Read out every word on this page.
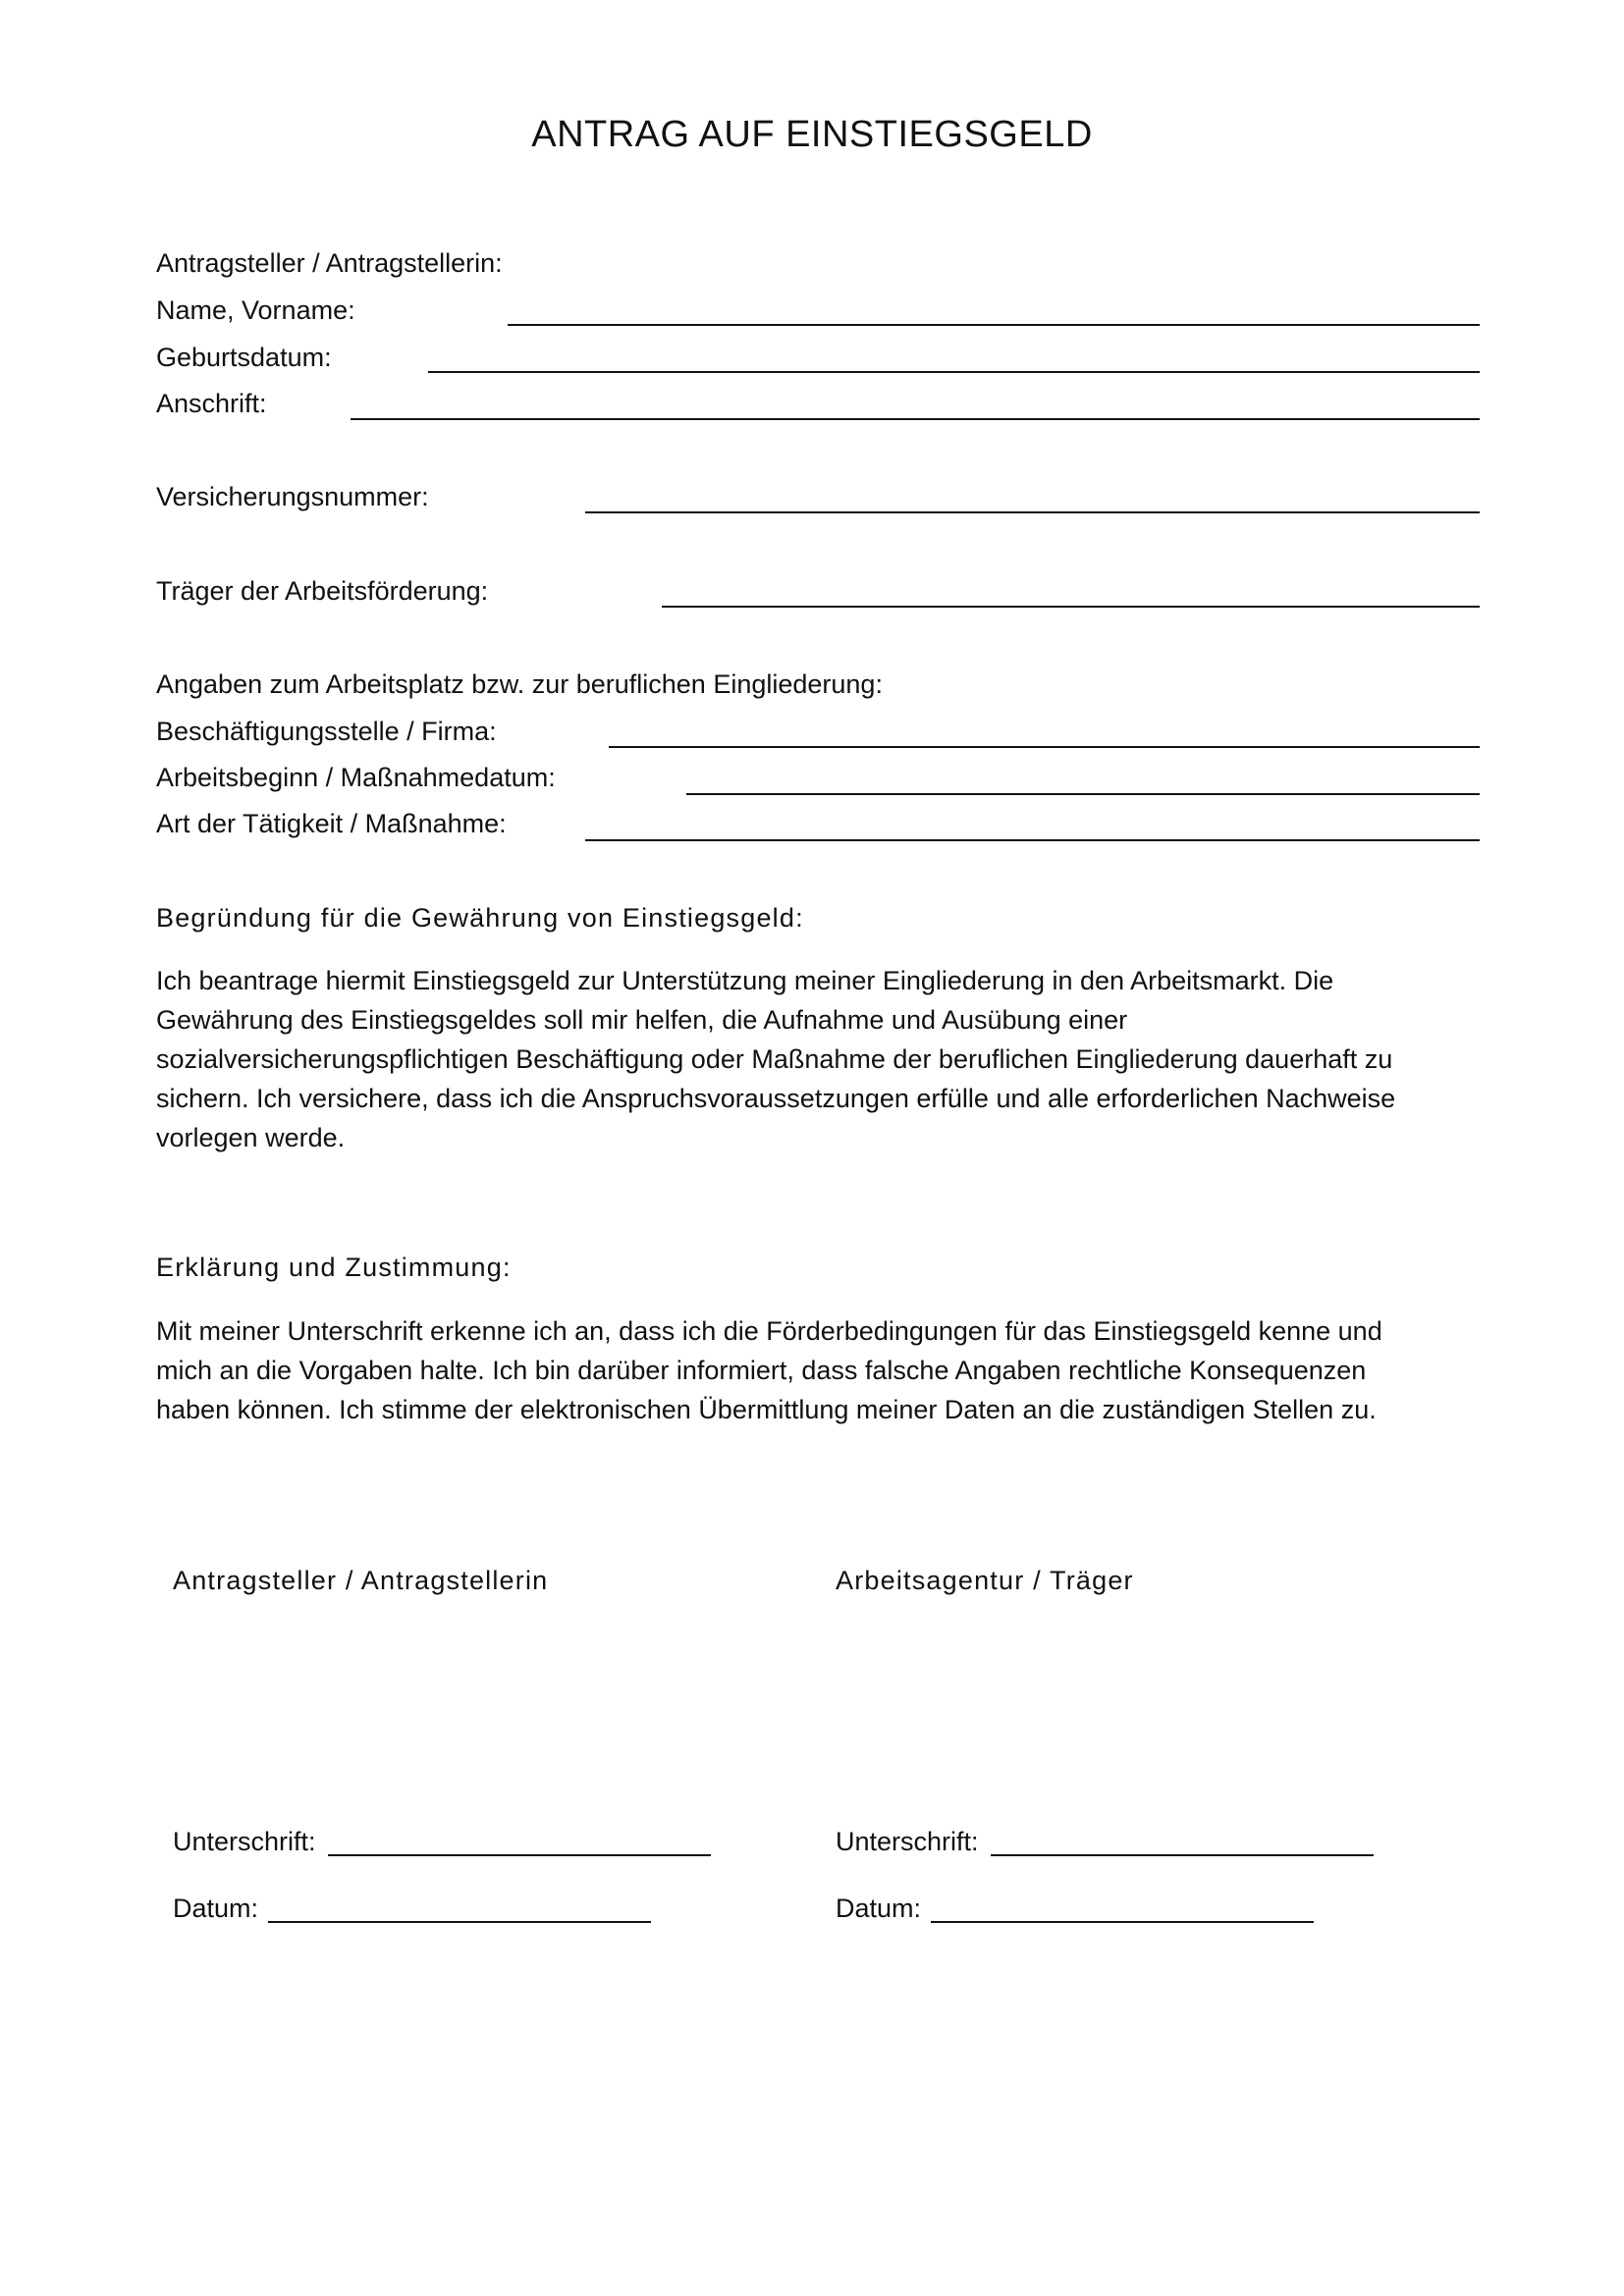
ANTRAG AUF EINSTIEGSGELD
Antragsteller / Antragstellerin:
Name, Vorname:
Geburtsdatum:
Anschrift:
Versicherungsnummer:
Träger der Arbeitsförderung:
Angaben zum Arbeitsplatz bzw. zur beruflichen Eingliederung:
Beschäftigungsstelle / Firma:
Arbeitsbeginn / Maßnahmedatum:
Art der Tätigkeit / Maßnahme:
Begründung für die Gewährung von Einstiegsgeld:
Ich beantrage hiermit Einstiegsgeld zur Unterstützung meiner Eingliederung in den Arbeitsmarkt. Die
Gewährung des Einstiegsgeldes soll mir helfen, die Aufnahme und Ausübung einer
sozialversicherungspflichtigen Beschäftigung oder Maßnahme der beruflichen Eingliederung dauerhaft zu
sichern. Ich versichere, dass ich die Anspruchsvoraussetzungen erfülle und alle erforderlichen Nachweise
vorlegen werde.
Erklärung und Zustimmung:
Mit meiner Unterschrift erkenne ich an, dass ich die Förderbedingungen für das Einstiegsgeld kenne und
mich an die Vorgaben halte. Ich bin darüber informiert, dass falsche Angaben rechtliche Konsequenzen
haben können. Ich stimme der elektronischen Übermittlung meiner Daten an die zuständigen Stellen zu.
Antragsteller / Antragstellerin	Arbeitsagentur / Träger
Unterschrift:
Datum:
Unterschrift:
Datum:
